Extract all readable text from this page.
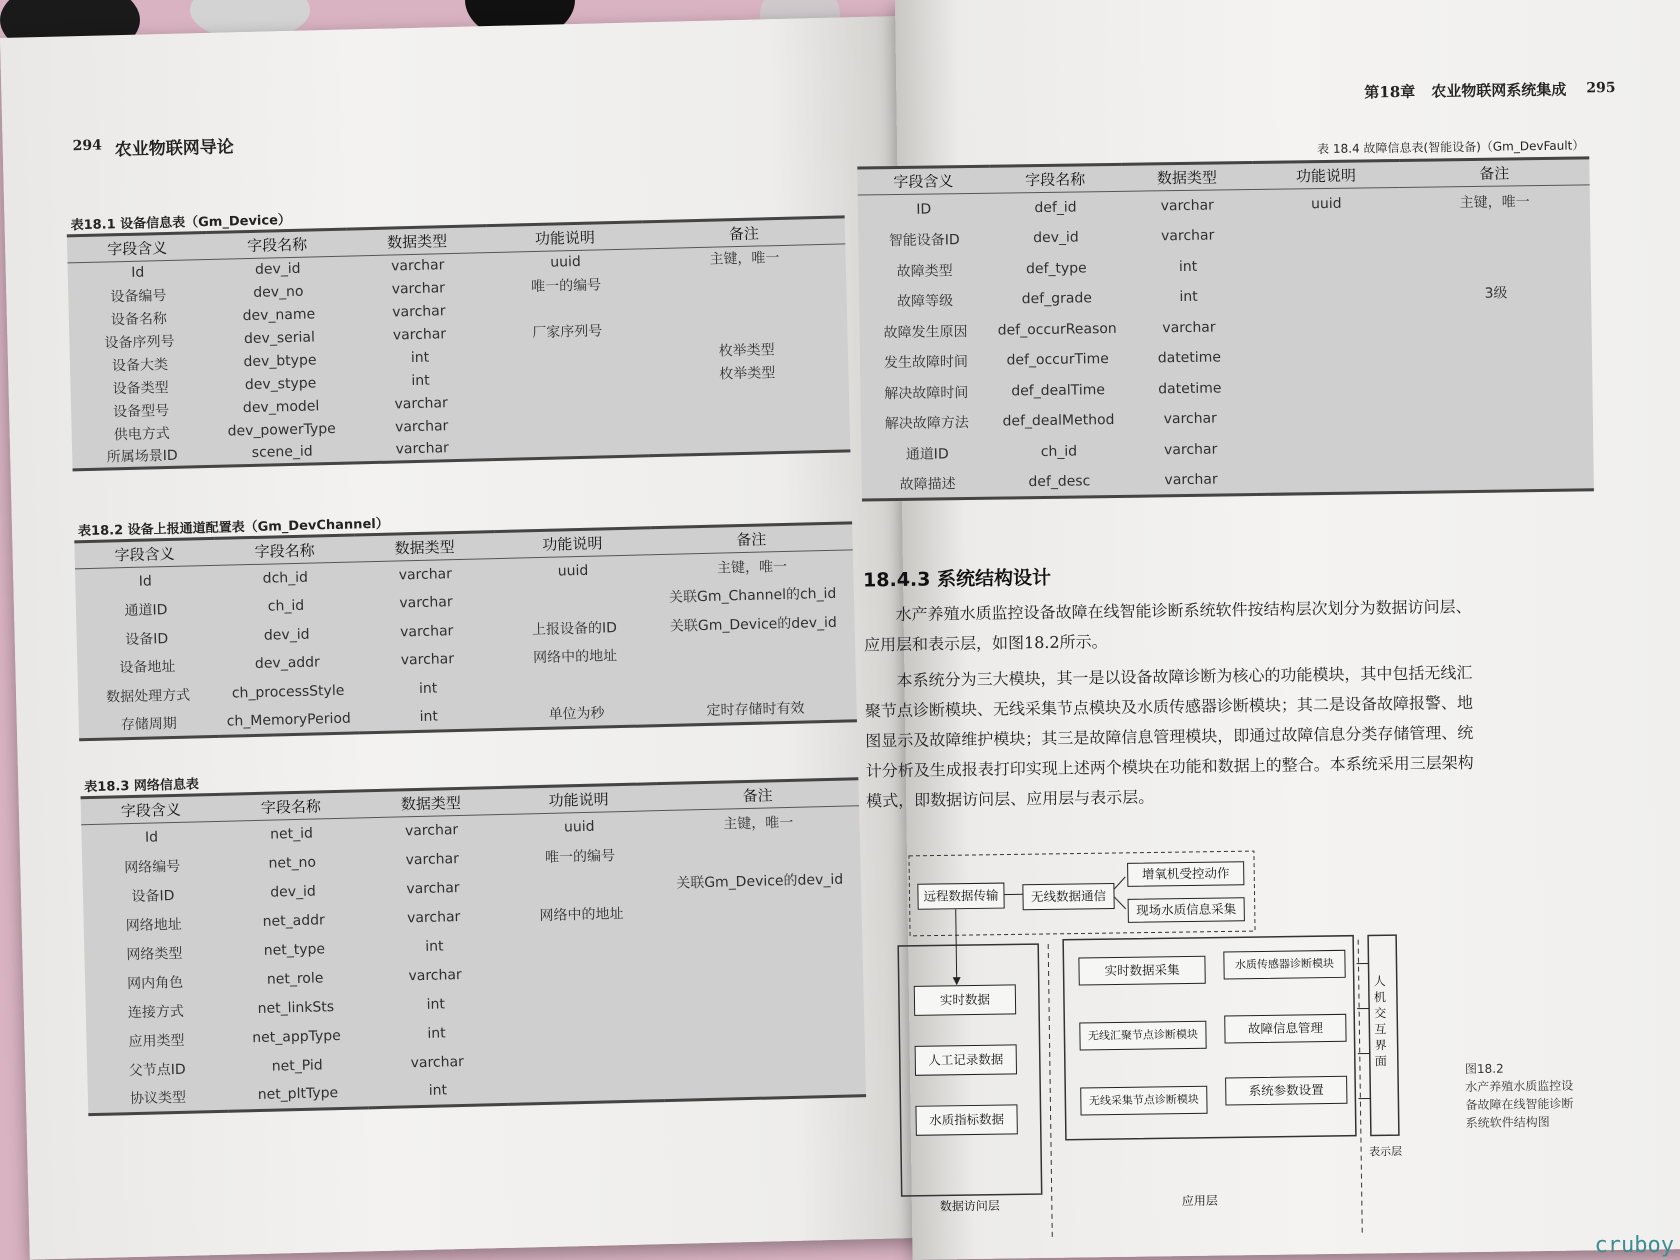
294 农业物联网导论
表18.1 设备信息表（Gm_Device）
字段含义	字段名称	数据类型	功能说明	备注
Id	dev_id	varchar	uuid	主键，唯一
设备编号	dev_no	varchar	唯一的编号	
设备名称	dev_name	varchar		
设备序列号	dev_serial	varchar	厂家序列号	
设备大类	dev_btype	int		枚举类型
设备类型	dev_stype	int		枚举类型
设备型号	dev_model	varchar		
供电方式	dev_powerType	varchar		
所属场景ID	scene_id	varchar		
表18.2 设备上报通道配置表（Gm_DevChannel）
字段含义	字段名称	数据类型	功能说明	备注
Id	dch_id	varchar	uuid	主键，唯一
通道ID	ch_id	varchar		关联Gm_Channel的ch_id
设备ID	dev_id	varchar	上报设备的ID	关联Gm_Device的dev_id
设备地址	dev_addr	varchar	网络中的地址	
数据处理方式	ch_processStyle	int		
存储周期	ch_MemoryPeriod	int	单位为秒	定时存储时有效
表18.3 网络信息表
字段含义	字段名称	数据类型	功能说明	备注
Id	net_id	varchar	uuid	主键，唯一
网络编号	net_no	varchar	唯一的编号	
设备ID	dev_id	varchar		关联Gm_Device的dev_id
网络地址	net_addr	varchar	网络中的地址	
网络类型	net_type	int		
网内角色	net_role	varchar		
连接方式	net_linkSts	int		
应用类型	net_appType	int		
父节点ID	net_Pid	varchar		
协议类型	net_pltType	int		
第18章 农业物联网系统集成 295
表 18.4 故障信息表(智能设备)（Gm_DevFault）
字段含义	字段名称	数据类型	功能说明	备注
ID	def_id	varchar	uuid	主键，唯一
智能设备ID	dev_id	varchar		
故障类型	def_type	int		
故障等级	def_grade	int		3级
故障发生原因	def_occurReason	varchar		
发生故障时间	def_occurTime	datetime		
解决故障时间	def_dealTime	datetime		
解决故障方法	def_dealMethod	varchar		
通道ID	ch_id	varchar		
故障描述	def_desc	varchar		
18.4.3 系统结构设计
水产养殖水质监控设备故障在线智能诊断系统软件按结构层次划分为数据访问层、应用层和表示层，如图18.2所示。
本系统分为三大模块，其一是以设备故障诊断为核心的功能模块，其中包括无线汇聚节点诊断模块、无线采集节点模块及水质传感器诊断模块；其二是设备故障报警、地图显示及故障维护模块；其三是故障信息管理模块，即通过故障信息分类存储管理、统计分析及生成报表打印实现上述两个模块在功能和数据上的整合。本系统采用三层架构模式，即数据访问层、应用层与表示层。
远程数据传输	无线数据通信
增氧机受控动作
现场水质信息采集
实时数据
人工记录数据
水质指标数据
实时数据采集	水质传感器诊断模块
无线汇聚节点诊断模块	故障信息管理
无线采集节点诊断模块
系统参数设置
人机交互界面
数据访问层	应用层
表示层
图18.2
水产养殖水质监控设
备故障在线智能诊断
系统软件结构图
cruboy
